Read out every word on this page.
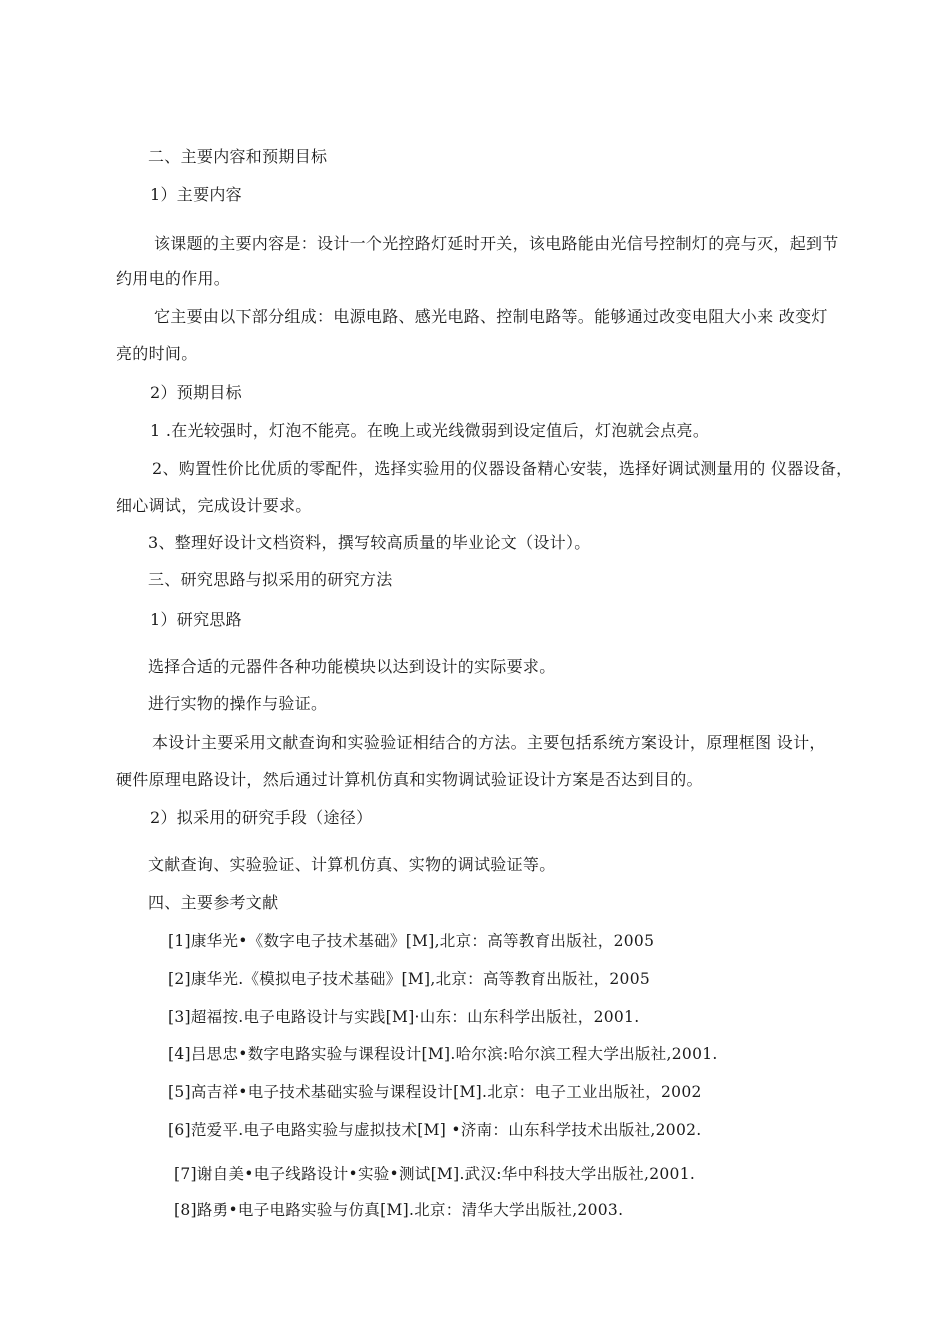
二、主要内容和预期目标
1）主要内容
该课题的主要内容是：设计一个光控路灯延时开关，该电路能由光信号控制灯的亮与灭，起到节
约用电的作用。
它主要由以下部分组成：电源电路、感光电路、控制电路等。能够通过改变电阻大小来 改变灯
亮的时间。
2）预期目标
1 .在光较强时，灯泡不能亮。在晚上或光线微弱到设定值后，灯泡就会点亮。
2、购置性价比优质的零配件，选择实验用的仪器设备精心安装，选择好调试测量用的 仪器设备，
细心调试，完成设计要求。
3、整理好设计文档资料，撰写较高质量的毕业论文（设计）。
三、研究思路与拟采用的研究方法
1）研究思路
选择合适的元器件各种功能模块以达到设计的实际要求。
进行实物的操作与验证。
本设计主要采用文献查询和实验验证相结合的方法。主要包括系统方案设计，原理框图 设计，
硬件原理电路设计，然后通过计算机仿真和实物调试验证设计方案是否达到目的。
2）拟采用的研究手段（途径）
文献查询、实验验证、计算机仿真、实物的调试验证等。
四、主要参考文献
[1]康华光•《数字电子技术基础》[M],北京：高等教育出版社，2005
[2]康华光.《模拟电子技术基础》[M],北京：高等教育出版社，2005
[3]超福按.电子电路设计与实践[M]·山东：山东科学出版社，2001.
[4]吕思忠•数字电路实验与课程设计[M].哈尔滨:哈尔滨工程大学出版社,2001.
[5]高吉祥•电子技术基础实验与课程设计[M].北京：电子工业出版社，2002
[6]范爱平.电子电路实验与虚拟技术[M] •济南：山东科学技术出版社,2002.
[7]谢自美•电子线路设计•实验•测试[M].武汉:华中科技大学出版社,2001.
[8]路勇•电子电路实验与仿真[M].北京：清华大学出版社,2003.
